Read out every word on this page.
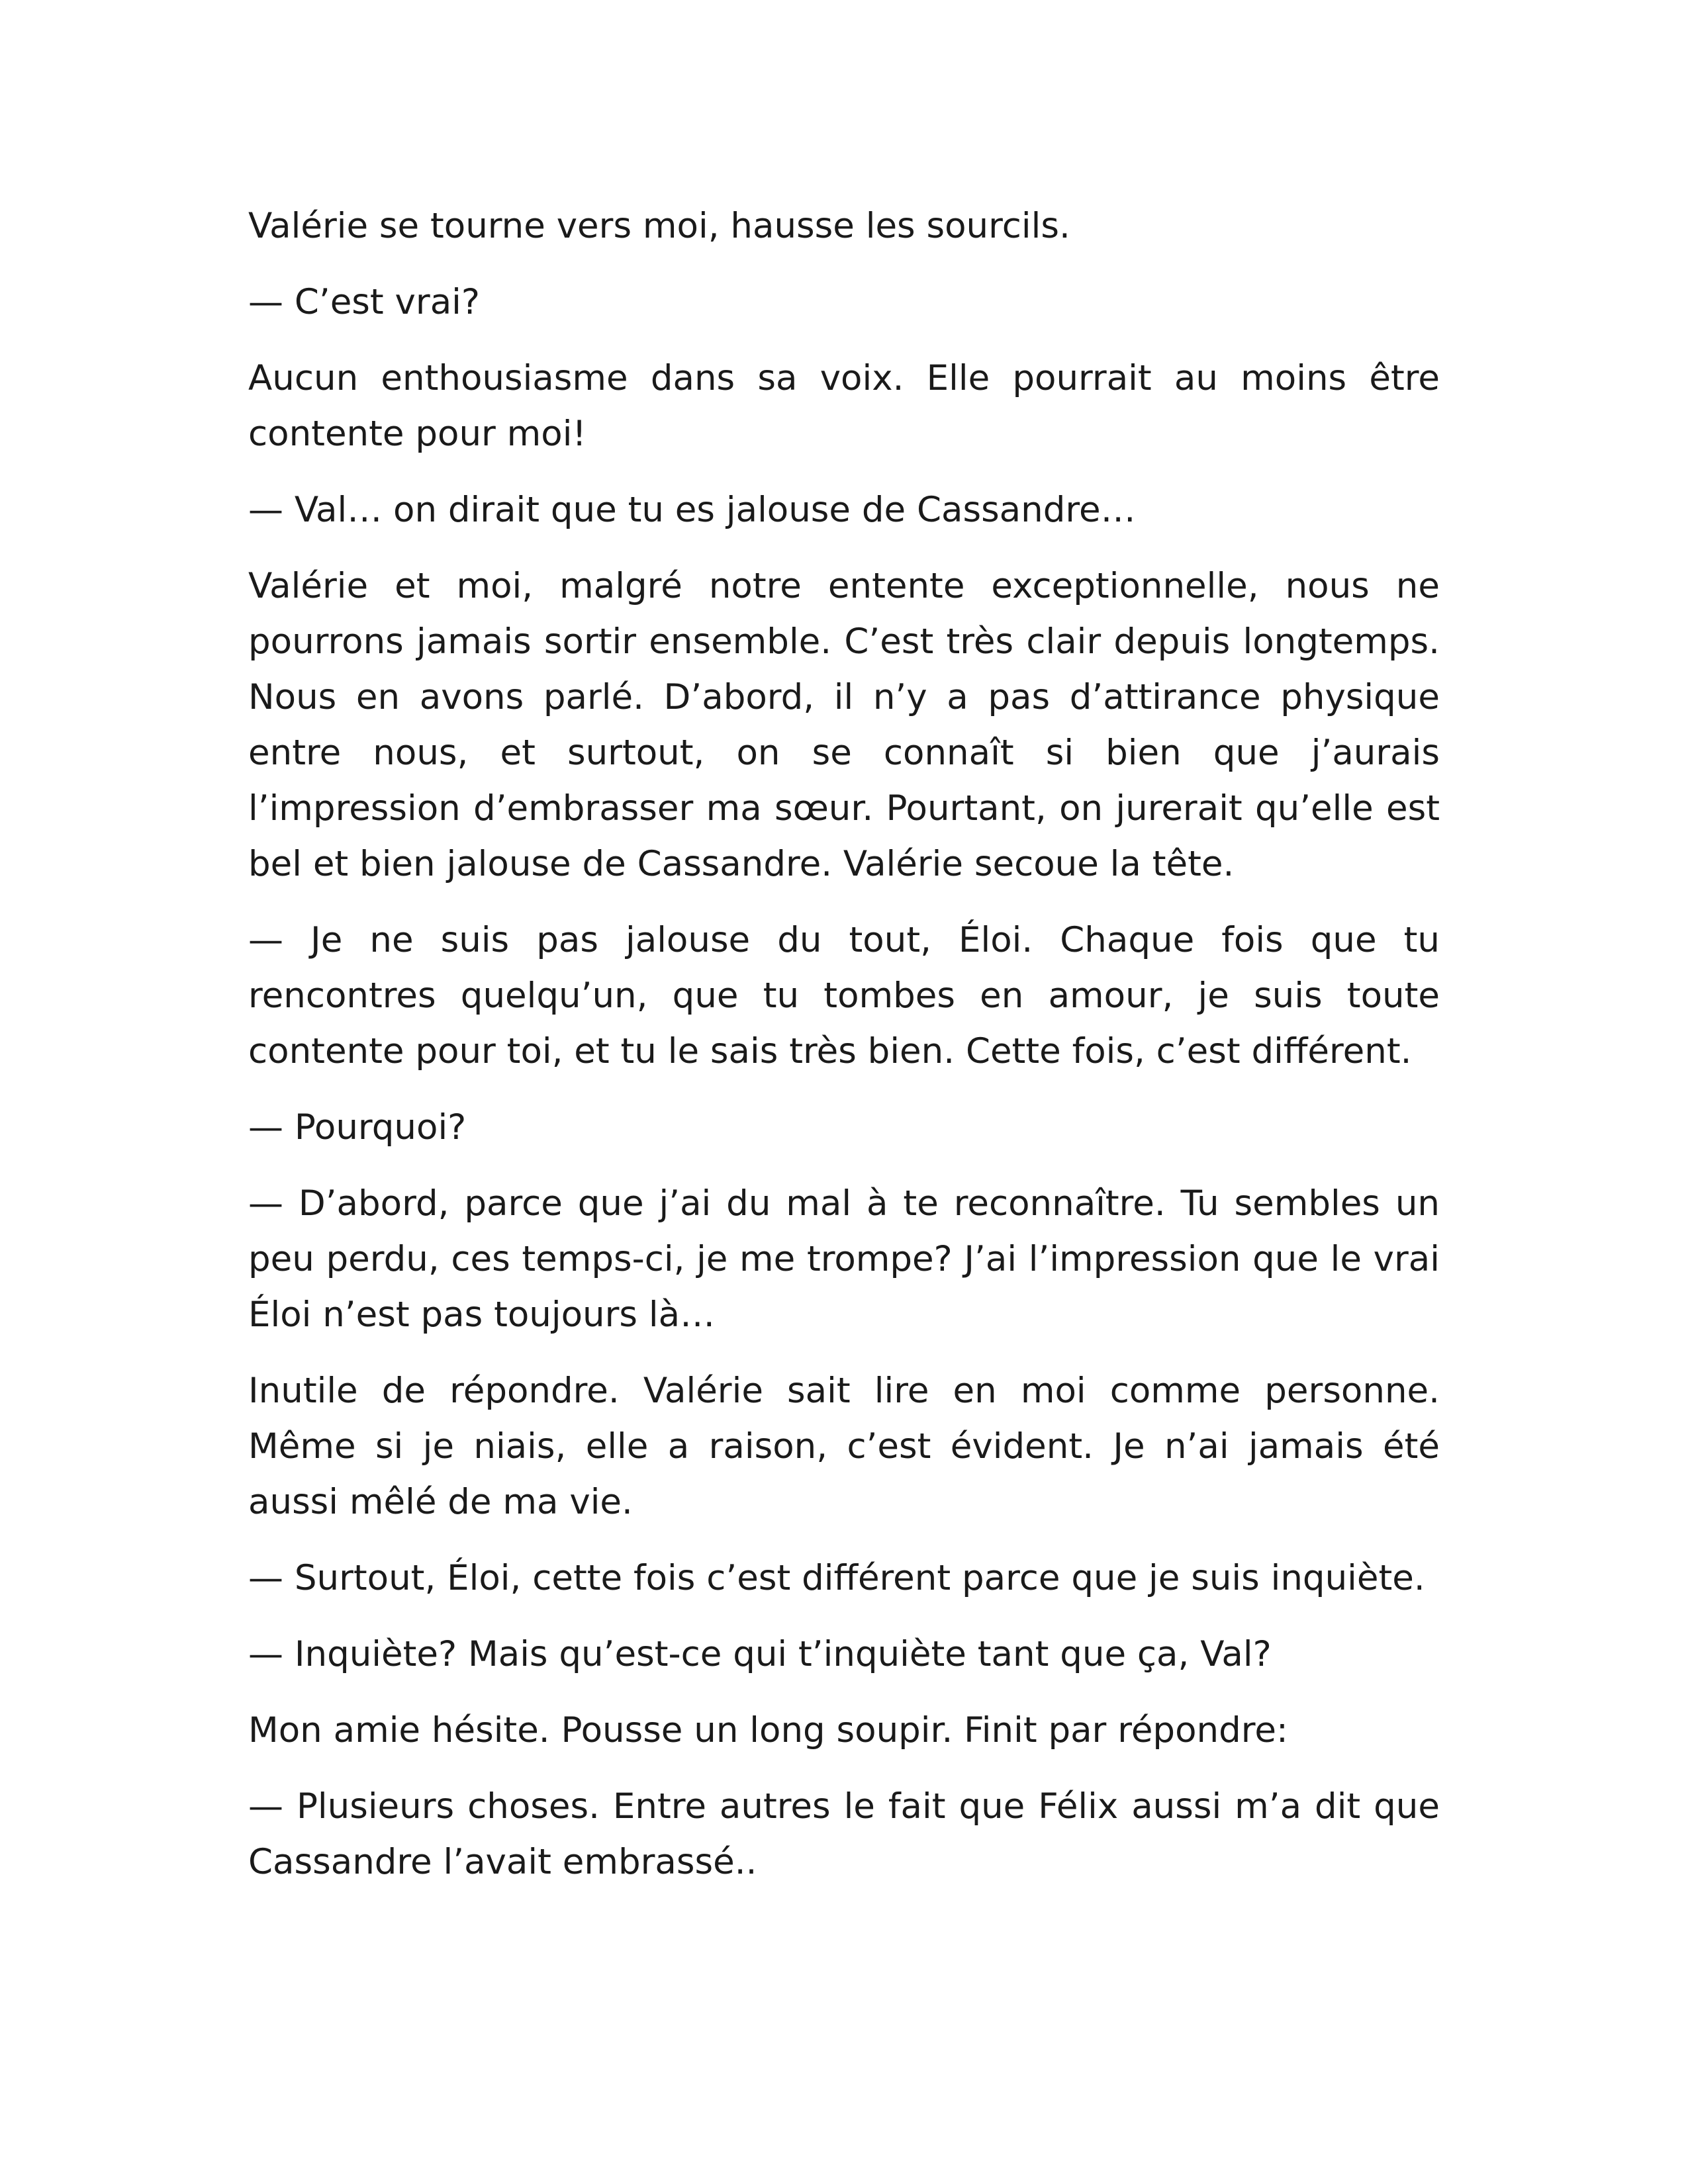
Valérie se tourne vers moi, hausse les sourcils.

— C’est vrai?

Aucun enthousiasme dans sa voix. Elle pourrait au moins être contente pour moi!

— Val… on dirait que tu es jalouse de Cassandre…

Valérie et moi, malgré notre entente exceptionnelle, nous ne pourrons jamais sortir ensemble. C’est très clair depuis longtemps. Nous en avons parlé. D’abord, il n’y a pas d’attirance physique entre nous, et surtout, on se connaît si bien que j’aurais l’impression d’embrasser ma sœur. Pourtant, on jurerait qu’elle est bel et bien jalouse de Cassandre. Valérie secoue la tête.

— Je ne suis pas jalouse du tout, Éloi. Chaque fois que tu rencontres quelqu’un, que tu tombes en amour, je suis toute contente pour toi, et tu le sais très bien. Cette fois, c’est différent.

— Pourquoi?

— D’abord, parce que j’ai du mal à te reconnaître. Tu sembles un peu perdu, ces temps-ci, je me trompe? J’ai l’impression que le vrai Éloi n’est pas toujours là…

Inutile de répondre. Valérie sait lire en moi comme personne. Même si je niais, elle a raison, c’est évident. Je n’ai jamais été aussi mêlé de ma vie.

— Surtout, Éloi, cette fois c’est différent parce que je suis inquiète.

— Inquiète? Mais qu’est-ce qui t’inquiète tant que ça, Val?

Mon amie hésite. Pousse un long soupir. Finit par répondre:

— Plusieurs choses. Entre autres le fait que Félix aussi m’a dit que Cassandre l’avait embrassé..
